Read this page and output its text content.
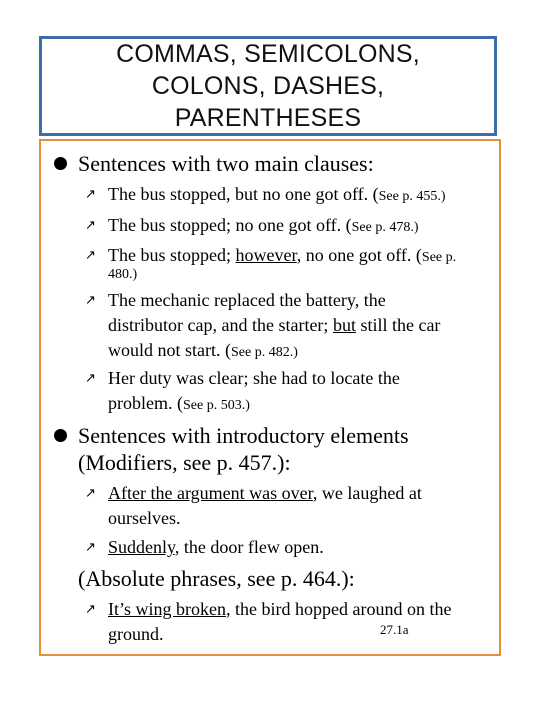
COMMAS, SEMICOLONS,
COLONS, DASHES,
PARENTHESES
Sentences with two main clauses:
↗ The bus stopped, but no one got off. (See p. 455.)
↗ The bus stopped; no one got off. (See p. 478.)
↗ The bus stopped; however, no one got off. (See p.
480.)
↗ The mechanic replaced the battery, the
distributor cap, and the starter; but still the car
would not start. (See p. 482.)
↗ Her duty was clear; she had to locate the
problem. (See p. 503.)
Sentences with introductory elements
(Modifiers, see p. 457.):
↗ After the argument was over, we laughed at
ourselves.
↗ Suddenly, the door flew open.
(Absolute phrases, see p. 464.):
↗ It’s wing broken, the bird hopped around on the
ground.	27.1a
